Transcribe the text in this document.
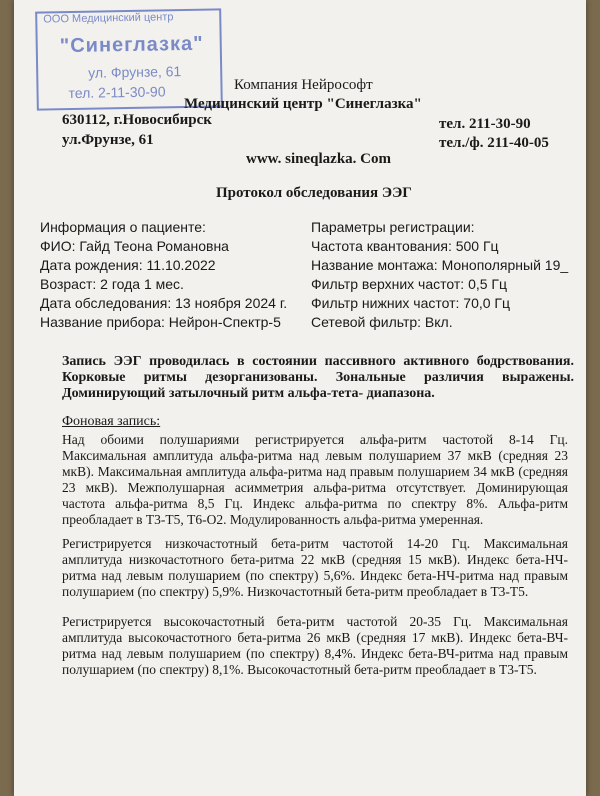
ООО Медицинский центр
"Синеглазка"
ул. Фрунзе, 61
тел. 2-11-30-90	Компания Нейрософт
Медицинский центр "Синеглазка"
630112, г.Новосибирск
ул.Фрунзе, 61
тел. 211-30-90
тел./ф. 211-40-05
www. sineqlazka. Com
Протокол обследования ЭЭГ
Информация о пациенте:
ФИО: Гайд Теона Романовна
Дата рождения: 11.10.2022
Возраст: 2 года 1 мес.
Дата обследования: 13 ноября 2024 г.
Название прибора: Нейрон-Спектр-5
Параметры регистрации:
Частота квантования: 500 Гц
Название монтажа: Монополярный 19_
Фильтр верхних частот: 0,5 Гц
Фильтр нижних частот: 70,0 Гц
Сетевой фильтр: Вкл.
Запись ЭЭГ проводилась в состоянии пассивного активного бодрствования. Корковые ритмы дезорганизованы. Зональные различия выражены. Доминирующий затылочный ритм альфа-тета- диапазона.
Фоновая запись:
Над обоими полушариями регистрируется альфа-ритм частотой 8-14 Гц. Максимальная амплитуда альфа-ритма над левым полушарием 37 мкВ (средняя 23 мкВ). Максимальная амплитуда альфа-ритма над правым полушарием 34 мкВ (средняя 23 мкВ). Межполушарная асимметрия альфа-ритма отсутствует. Доминирующая частота альфа-ритма 8,5 Гц. Индекс альфа-ритма по спектру 8%. Альфа-ритм преобладает в Т3-Т5, Т6-О2. Модулированность альфа-ритма умеренная.
Регистрируется низкочастотный бета-ритм частотой 14-20 Гц. Максимальная амплитуда низкочастотного бета-ритма 22 мкВ (средняя 15 мкВ). Индекс бета-НЧ-ритма над левым полушарием (по спектру) 5,6%. Индекс бета-НЧ-ритма над правым полушарием (по спектру) 5,9%. Низкочастотный бета-ритм преобладает в Т3-Т5.
Регистрируется высокочастотный бета-ритм частотой 20-35 Гц. Максимальная амплитуда высокочастотного бета-ритма 26 мкВ (средняя 17 мкВ). Индекс бета-ВЧ-ритма над левым полушарием (по спектру) 8,4%. Индекс бета-ВЧ-ритма над правым полушарием (по спектру) 8,1%. Высокочастотный бета-ритм преобладает в Т3-Т5.
